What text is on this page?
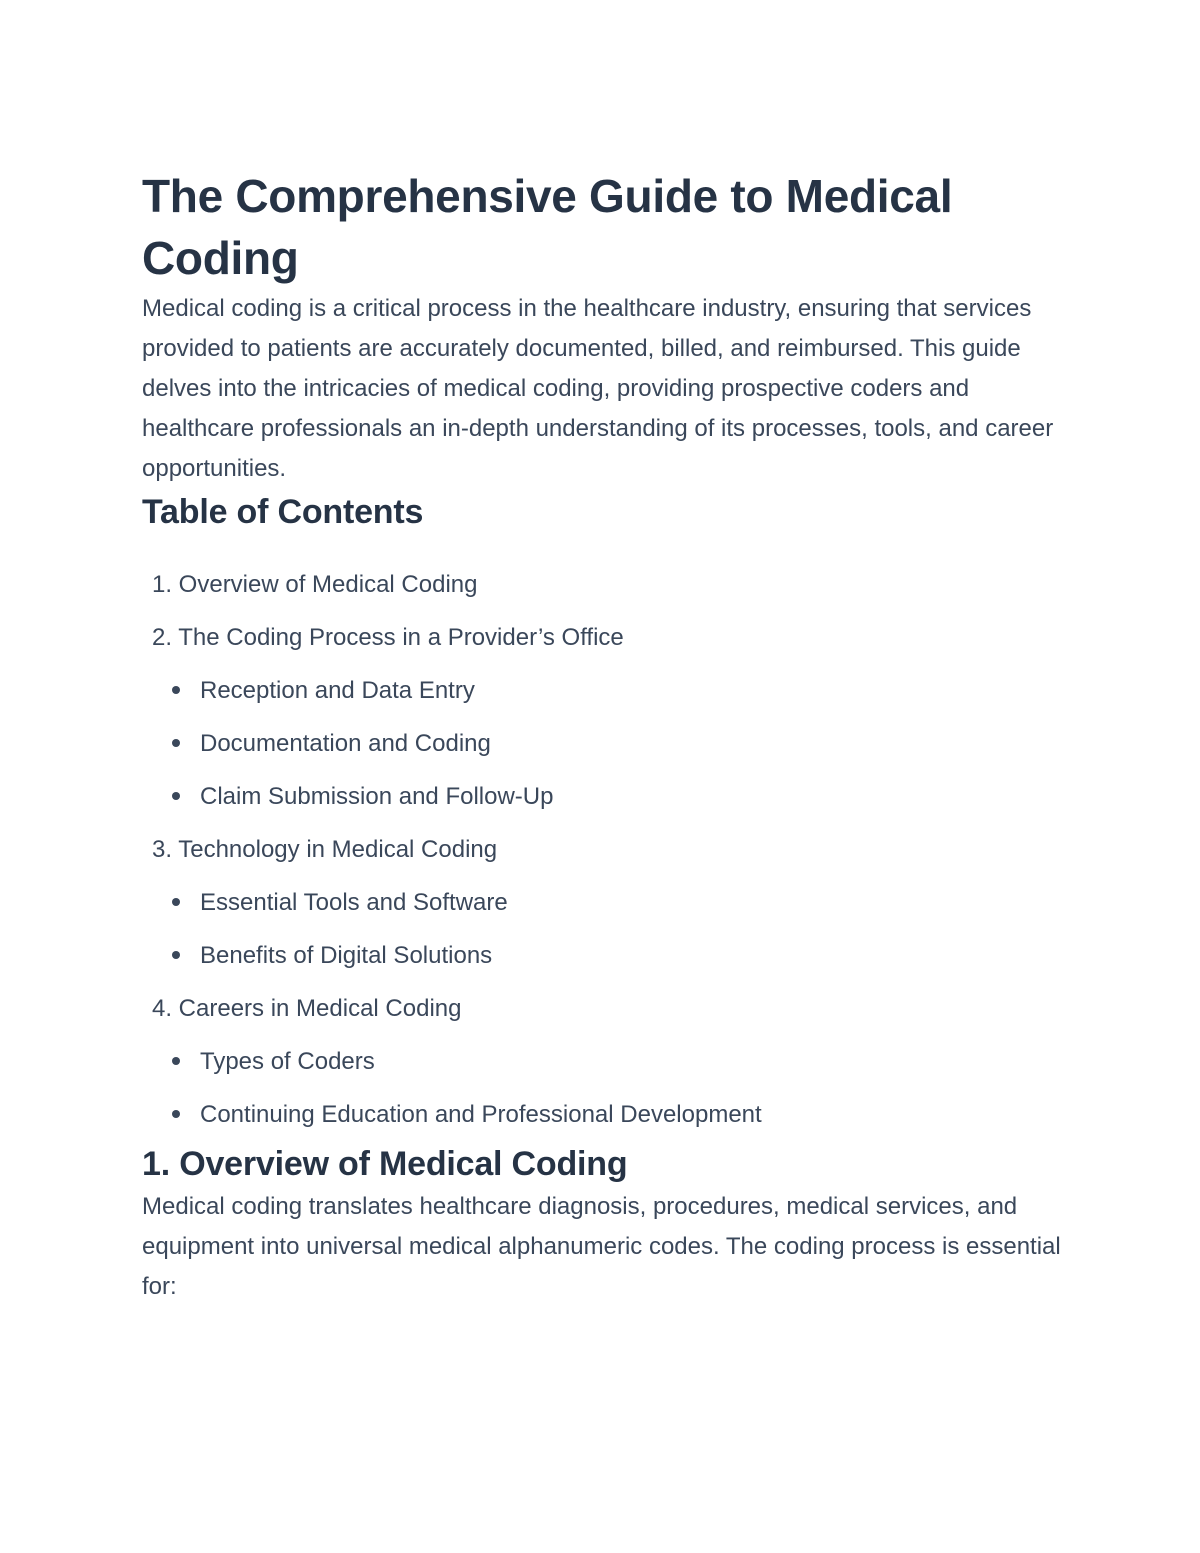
The Comprehensive Guide to Medical Coding

Medical coding is a critical process in the healthcare industry, ensuring that services provided to patients are accurately documented, billed, and reimbursed. This guide delves into the intricacies of medical coding, providing prospective coders and healthcare professionals an in-depth understanding of its processes, tools, and career opportunities.

Table of Contents
1. Overview of Medical Coding
2. The Coding Process in a Provider’s Office
Reception and Data Entry
Documentation and Coding
Claim Submission and Follow-Up
3. Technology in Medical Coding
Essential Tools and Software
Benefits of Digital Solutions
4. Careers in Medical Coding
Types of Coders
Continuing Education and Professional Development
1. Overview of Medical Coding

Medical coding translates healthcare diagnosis, procedures, medical services, and equipment into universal medical alphanumeric codes. The coding process is essential for:
